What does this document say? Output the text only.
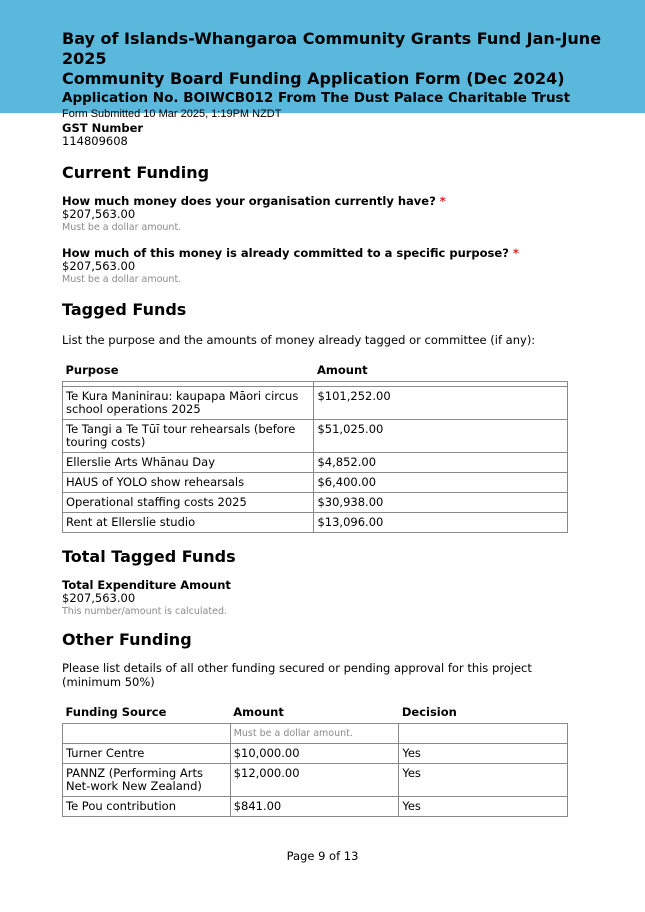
Bay of Islands-Whangaroa Community Grants Fund Jan-June 2025
Community Board Funding Application Form (Dec 2024)
Application No. BOIWCB012 From The Dust Palace Charitable Trust
Form Submitted 10 Mar 2025, 1:19PM NZDT
GST Number
114809608
Current Funding
How much money does your organisation currently have? *
$207,563.00
Must be a dollar amount.
How much of this money is already committed to a specific purpose? *
$207,563.00
Must be a dollar amount.
Tagged Funds

List the purpose and the amounts of money already tagged or committee (if any):

Purpose	Amount

Te Kura Maninirau: kaupapa Māori circus school operations 2025	$101,252.00
Te Tangi a Te Tūī tour rehearsals (before touring costs)	$51,025.00
Ellerslie Arts Whānau Day	$4,852.00
HAUS of YOLO show rehearsals	$6,400.00
Operational staffing costs 2025	$30,938.00
Rent at Ellerslie studio	$13,096.00
Total Tagged Funds
Total Expenditure Amount
$207,563.00
This number/amount is calculated.
Other Funding

Please list details of all other funding secured or pending approval for this project (minimum 50%)

Funding Source	Amount	Decision
	Must be a dollar amount.	
Turner Centre	$10,000.00	Yes
PANNZ (Performing Arts Net-work New Zealand)	$12,000.00	Yes
Te Pou contribution	$841.00	Yes
Page 9 of 13
